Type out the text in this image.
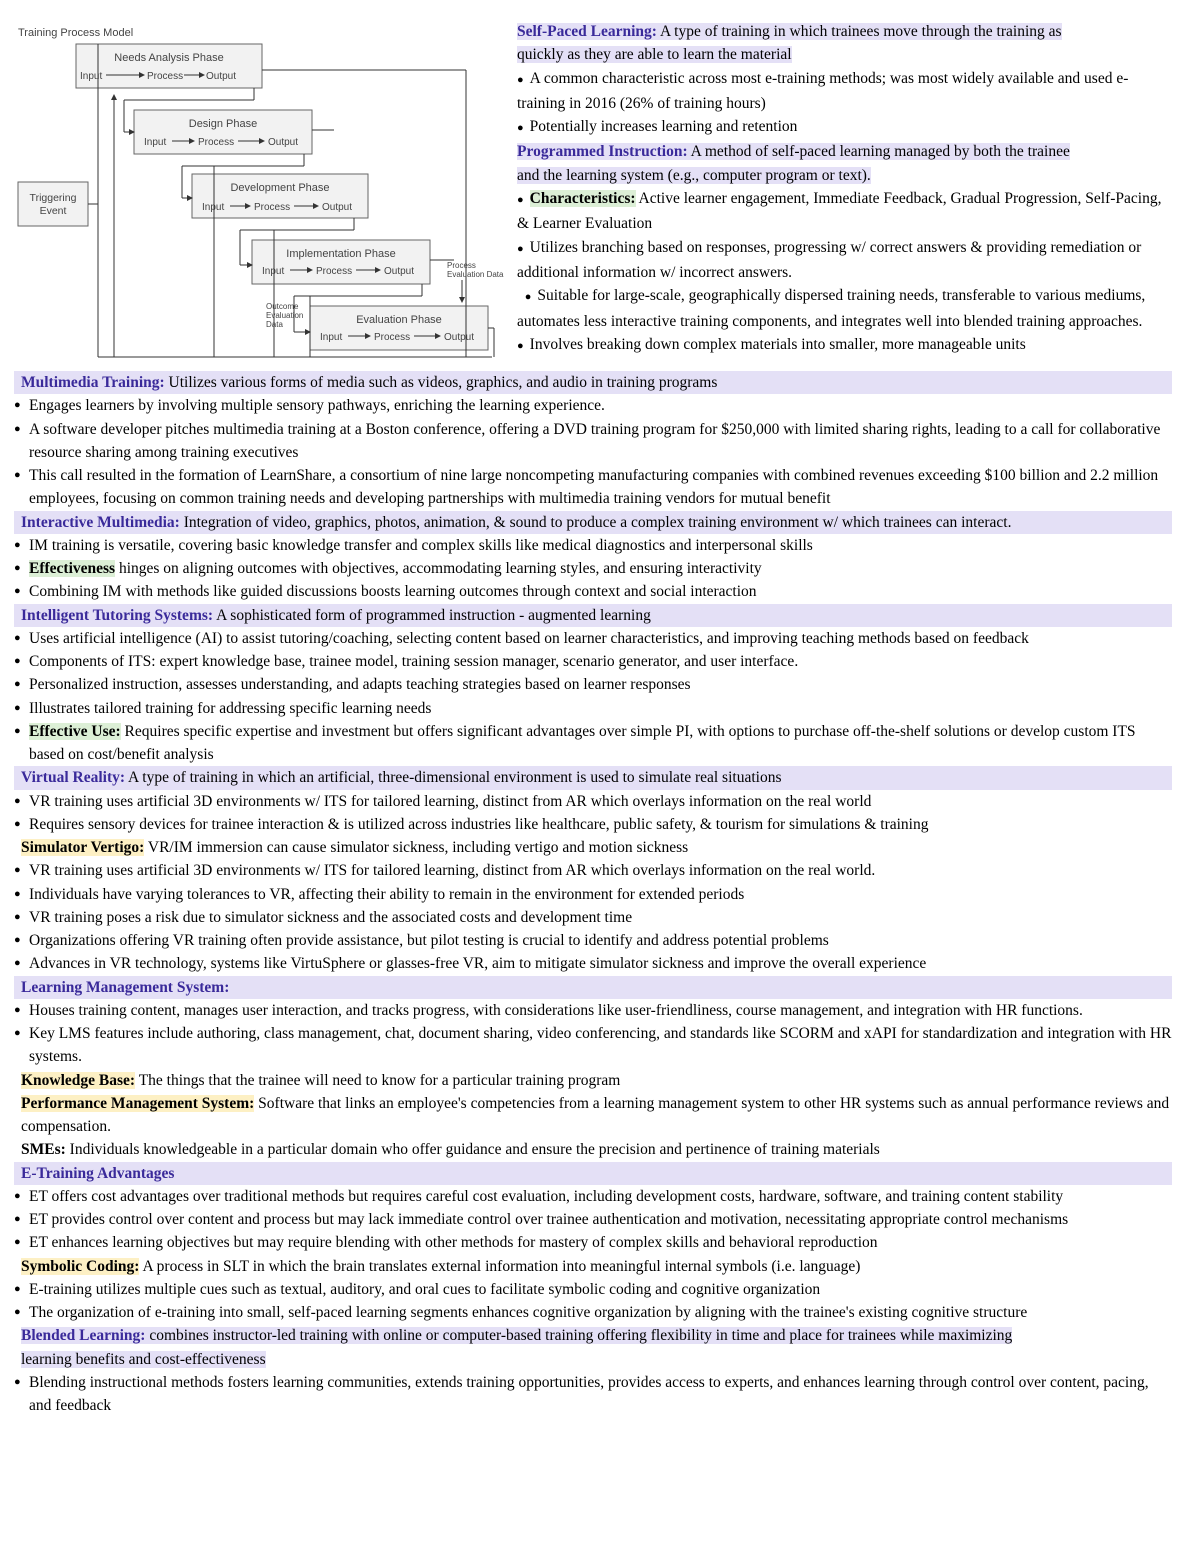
Training Process Model
Needs Analysis Phase
Input	Process Output
Design Phase
Input	Process	Output
Development Phase
Input	Process	Output
Implementation Phase
Input	Process	Output
Evaluation Phase
Input	Process	Output
Triggering
Event
Process
Evaluation Data
Outcome
Evaluation
Data

Self-Paced Learning: A type of training in which trainees move through the training as
quickly as they are able to learn the material

● A common characteristic across most e-training methods; was most widely available and used e-training in 2016 (26% of training hours)

● Potentially increases learning and retention

Programmed Instruction: A method of self-paced learning managed by both the trainee
and the learning system (e.g., computer program or text).

● Characteristics: Active learner engagement, Immediate Feedback, Gradual Progression, Self-Pacing, & Learner Evaluation

● Utilizes branching based on responses, progressing w/ correct answers & providing remediation or additional information w/ incorrect answers.

● Suitable for large-scale, geographically dispersed training needs, transferable to various mediums, automates less interactive training components, and integrates well into blended training approaches.

● Involves breaking down complex materials into smaller, more manageable units

Multimedia Training: Utilizes various forms of media such as videos, graphics, and audio in training programs

● Engages learners by involving multiple sensory pathways, enriching the learning experience.

● A software developer pitches multimedia training at a Boston conference, offering a DVD training program for $250,000 with limited sharing rights, leading to a call for collaborative resource sharing among training executives

● This call resulted in the formation of LearnShare, a consortium of nine large noncompeting manufacturing companies with combined revenues exceeding $100 billion and 2.2 million employees, focusing on common training needs and developing partnerships with multimedia training vendors for mutual benefit

Interactive Multimedia: Integration of video, graphics, photos, animation, & sound to produce a complex training environment w/ which trainees can interact.

● IM training is versatile, covering basic knowledge transfer and complex skills like medical diagnostics and interpersonal skills

● Effectiveness hinges on aligning outcomes with objectives, accommodating learning styles, and ensuring interactivity

● Combining IM with methods like guided discussions boosts learning outcomes through context and social interaction

Intelligent Tutoring Systems: A sophisticated form of programmed instruction - augmented learning

● Uses artificial intelligence (AI) to assist tutoring/coaching, selecting content based on learner characteristics, and improving teaching methods based on feedback

● Components of ITS: expert knowledge base, trainee model, training session manager, scenario generator, and user interface.

● Personalized instruction, assesses understanding, and adapts teaching strategies based on learner responses

● Illustrates tailored training for addressing specific learning needs

● Effective Use: Requires specific expertise and investment but offers significant advantages over simple PI, with options to purchase off-the-shelf solutions or develop custom ITS based on cost/benefit analysis

Virtual Reality: A type of training in which an artificial, three-dimensional environment is used to simulate real situations

● VR training uses artificial 3D environments w/ ITS for tailored learning, distinct from AR which overlays information on the real world

● Requires sensory devices for trainee interaction & is utilized across industries like healthcare, public safety, & tourism for simulations & training

Simulator Vertigo: VR/IM immersion can cause simulator sickness, including vertigo and motion sickness

● VR training uses artificial 3D environments w/ ITS for tailored learning, distinct from AR which overlays information on the real world.

● Individuals have varying tolerances to VR, affecting their ability to remain in the environment for extended periods

● VR training poses a risk due to simulator sickness and the associated costs and development time

● Organizations offering VR training often provide assistance, but pilot testing is crucial to identify and address potential problems

● Advances in VR technology, systems like VirtuSphere or glasses-free VR, aim to mitigate simulator sickness and improve the overall experience

Learning Management System:

● Houses training content, manages user interaction, and tracks progress, with considerations like user-friendliness, course management, and integration with HR functions.

● Key LMS features include authoring, class management, chat, document sharing, video conferencing, and standards like SCORM and xAPI for standardization and integration with HR systems.

Knowledge Base: The things that the trainee will need to know for a particular training program

Performance Management System: Software that links an employee's competencies from a learning management system to other HR systems such as annual performance reviews and compensation.

SMEs: Individuals knowledgeable in a particular domain who offer guidance and ensure the precision and pertinence of training materials

E-Training Advantages

● ET offers cost advantages over traditional methods but requires careful cost evaluation, including development costs, hardware, software, and training content stability

● ET provides control over content and process but may lack immediate control over trainee authentication and motivation, necessitating appropriate control mechanisms

● ET enhances learning objectives but may require blending with other methods for mastery of complex skills and behavioral reproduction

Symbolic Coding: A process in SLT in which the brain translates external information into meaningful internal symbols (i.e. language)

● E-training utilizes multiple cues such as textual, auditory, and oral cues to facilitate symbolic coding and cognitive organization

● The organization of e-training into small, self-paced learning segments enhances cognitive organization by aligning with the trainee's existing cognitive structure

Blended Learning: combines instructor-led training with online or computer-based training offering flexibility in time and place for trainees while maximizing
learning benefits and cost-effectiveness

● Blending instructional methods fosters learning communities, extends training opportunities, provides access to experts, and enhances learning through control over content, pacing, and feedback
